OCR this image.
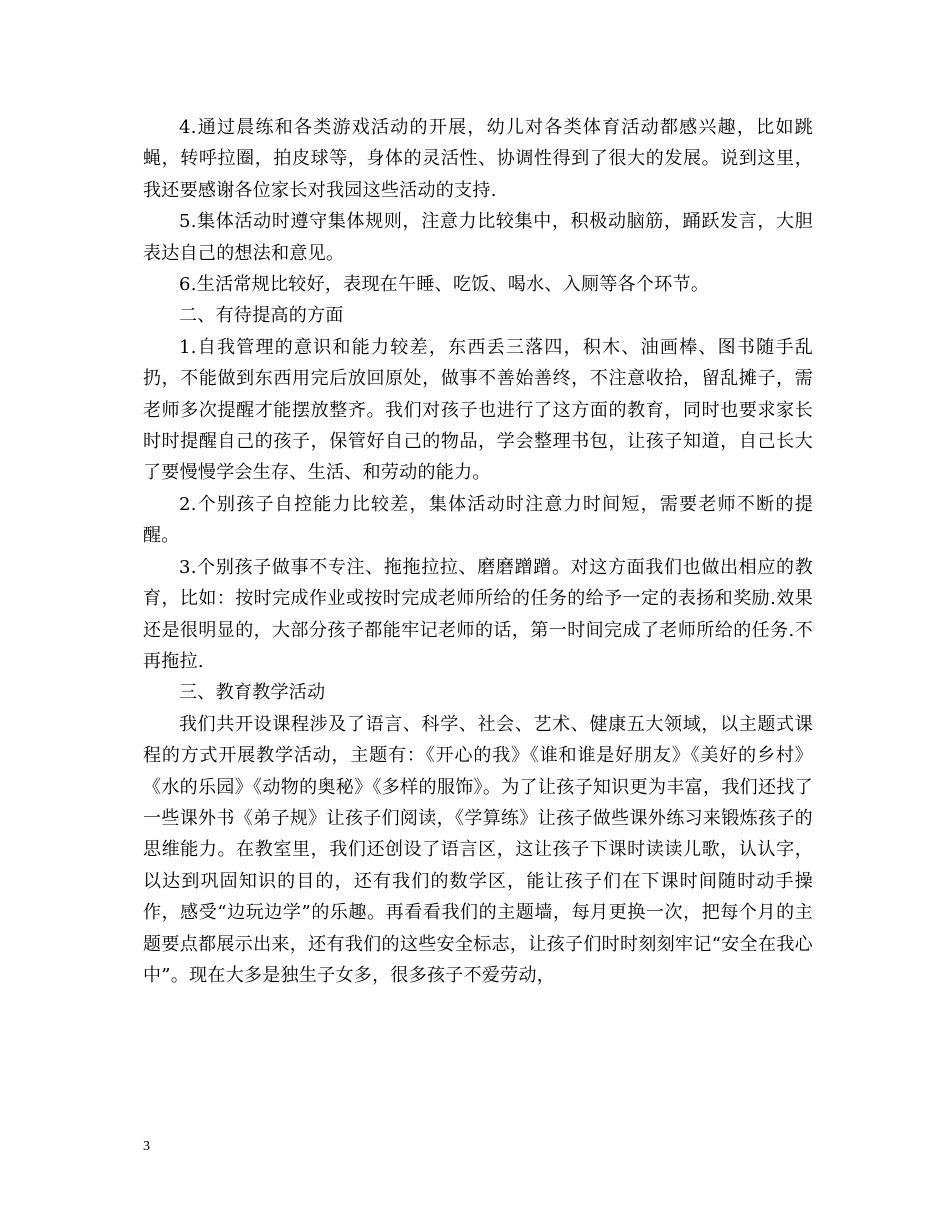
4.通过晨练和各类游戏活动的开展，幼儿对各类体育活动都感兴趣，比如跳蝇，转呼拉圈，拍皮球等，身体的灵活性、协调性得到了很大的发展。说到这里，我还要感谢各位家长对我园这些活动的支持.

5.集体活动时遵守集体规则，注意力比较集中，积极动脑筋，踊跃发言，大胆表达自己的想法和意见。

6.生活常规比较好，表现在午睡、吃饭、喝水、入厕等各个环节。

二、有待提高的方面

1.自我管理的意识和能力较差，东西丢三落四，积木、油画棒、图书随手乱扔，不能做到东西用完后放回原处，做事不善始善终，不注意收拾，留乱摊子，需老师多次提醒才能摆放整齐。我们对孩子也进行了这方面的教育，同时也要求家长时时提醒自己的孩子，保管好自己的物品，学会整理书包，让孩子知道，自己长大了要慢慢学会生存、生活、和劳动的能力。

2.个别孩子自控能力比较差，集体活动时注意力时间短，需要老师不断的提醒。

3.个别孩子做事不专注、拖拖拉拉、磨磨蹭蹭。对这方面我们也做出相应的教育，比如：按时完成作业或按时完成老师所给的任务的给予一定的表扬和奖励.效果还是很明显的，大部分孩子都能牢记老师的话，第一时间完成了老师所给的任务.不再拖拉.

三、教育教学活动

我们共开设课程涉及了语言、科学、社会、艺术、健康五大领域，以主题式课程的方式开展教学活动，主题有：《开心的我》《谁和谁是好朋友》《美好的乡村》《水的乐园》《动物的奥秘》《多样的服饰》。为了让孩子知识更为丰富，我们还找了一些课外书《弟子规》让孩子们阅读，《学算练》让孩子做些课外练习来锻炼孩子的思维能力。在教室里，我们还创设了语言区，这让孩子下课时读读儿歌，认认字，以达到巩固知识的目的，还有我们的数学区，能让孩子们在下课时间随时动手操作，感受“边玩边学”的乐趣。再看看我们的主题墙，每月更换一次，把每个月的主题要点都展示出来，还有我们的这些安全标志，让孩子们时时刻刻牢记“安全在我心中”。现在大多是独生子女多，很多孩子不爱劳动，

3
